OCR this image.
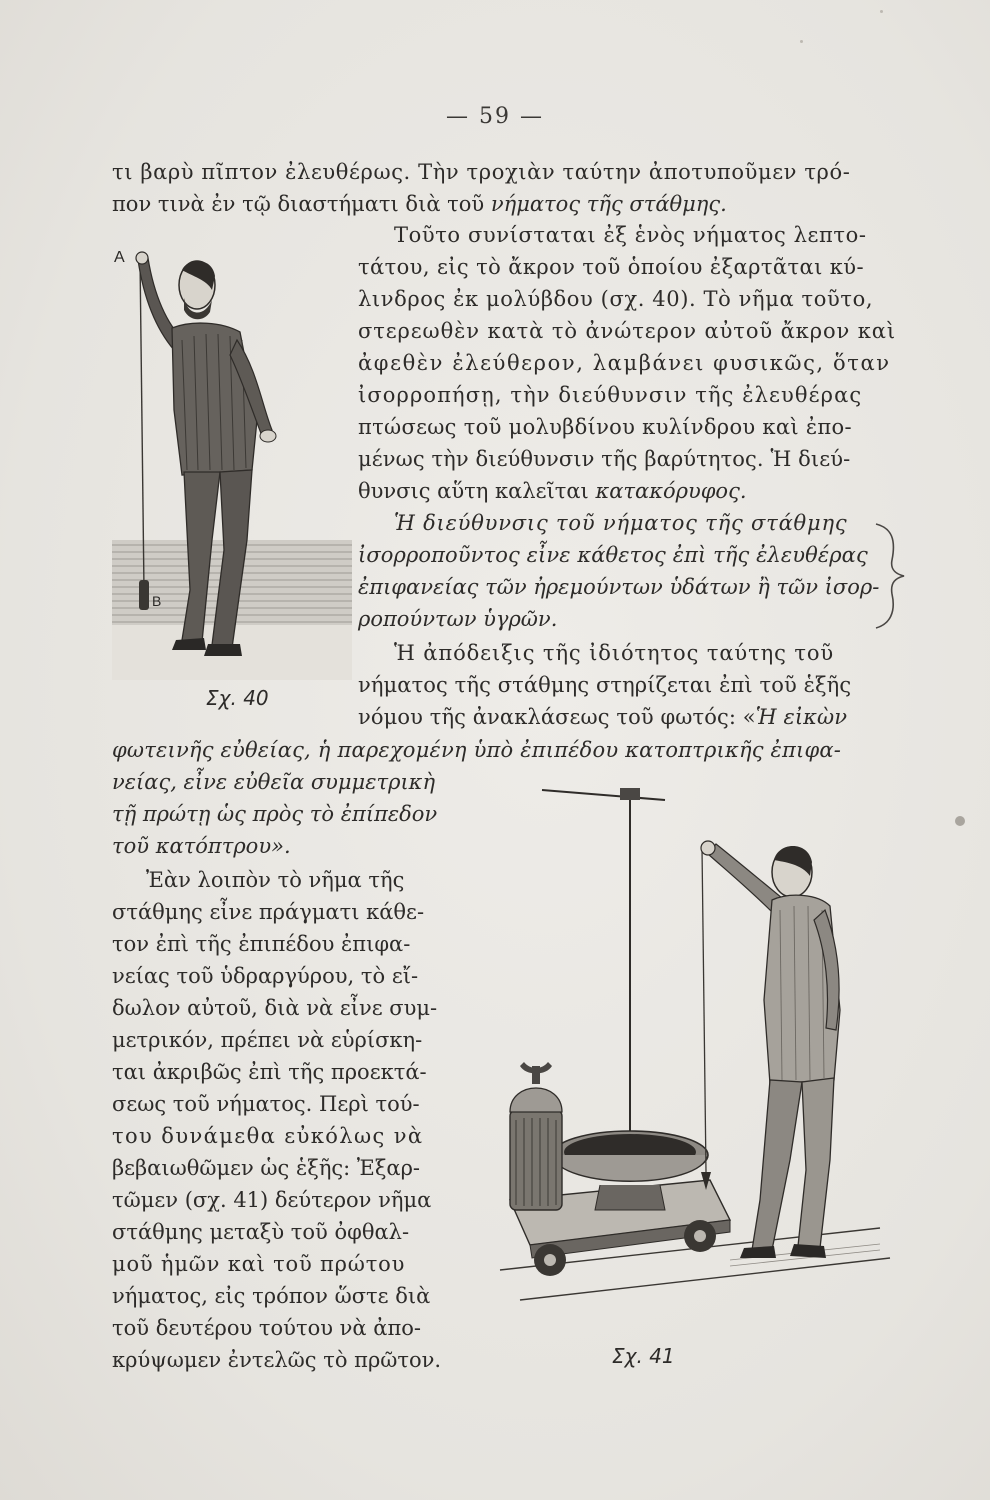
— 59 —
τι βαρὺ πῖπτον ἐλευθέρως. Τὴν τροχιὰν ταύτην ἀποτυποῦμεν τρό-
πον τινὰ ἐν τῷ διαστήματι διὰ τοῦ νήματος τῆς στάθμης.
Τοῦτο συνίσταται ἐξ ἑνὸς νήματος λεπτο-
τάτου, εἰς τὸ ἄκρον τοῦ ὁποίου ἐξαρτᾶται κύ-
λινδρος ἐκ μολύβδου (σχ. 40). Τὸ νῆμα τοῦτο,
στερεωθὲν κατὰ τὸ ἀνώτερον αὐτοῦ ἄκρον καὶ
ἀφεθὲν ἐλεύθερον, λαμβάνει φυσικῶς, ὅταν
ἰσορροπήσῃ, τὴν διεύθυνσιν τῆς ἐλευθέρας
πτώσεως τοῦ μολυβδίνου κυλίνδρου καὶ ἐπο-
μένως τὴν διεύθυνσιν τῆς βαρύτητος. Ἡ διεύ-
θυνσις αὕτη καλεῖται κατακόρυφος.
Ἡ διεύθυνσις τοῦ νήματος τῆς στάθμης
ἰσορροποῦντος εἶνε κάθετος ἐπὶ τῆς ἐλευθέρας
ἐπιφανείας τῶν ἠρεμούντων ὑδάτων ἢ τῶν ἰσορ-
ροπούντων ὑγρῶν.
Ἡ ἀπόδειξις τῆς ἰδιότητος ταύτης τοῦ
νήματος τῆς στάθμης στηρίζεται ἐπὶ τοῦ ἑξῆς
νόμου τῆς ἀνακλάσεως τοῦ φωτός: «Ἡ εἰκὼν
φωτεινῆς εὐθείας, ἡ παρεχομένη ὑπὸ ἐπιπέδου κατοπτρικῆς ἐπιφα-
νείας, εἶνε εὐθεῖα συμμετρικὴ
τῇ πρώτῃ ὡς πρὸς τὸ ἐπίπεδον
τοῦ κατόπτρου».
Ἐὰν λοιπὸν τὸ νῆμα τῆς
στάθμης εἶνε πράγματι κάθε-
τον ἐπὶ τῆς ἐπιπέδου ἐπιφα-
νείας τοῦ ὑδραργύρου, τὸ εἴ-
δωλον αὐτοῦ, διὰ νὰ εἶνε συμ-
μετρικόν, πρέπει νὰ εὑρίσκη-
ται ἀκριβῶς ἐπὶ τῆς προεκτά-
σεως τοῦ νήματος. Περὶ τού-
του δυνάμεθα εὐκόλως νὰ
βεβαιωθῶμεν ὡς ἑξῆς: Ἐξαρ-
τῶμεν (σχ. 41) δεύτερον νῆμα
στάθμης μεταξὺ τοῦ ὀφθαλ-
μοῦ ἡμῶν καὶ τοῦ πρώτου
νήματος, εἰς τρόπον ὥστε διὰ
τοῦ δευτέρου τούτου νὰ ἀπο-
κρύψωμεν ἐντελῶς τὸ πρῶτον.
A
B
Σχ. 40
Σχ. 41
